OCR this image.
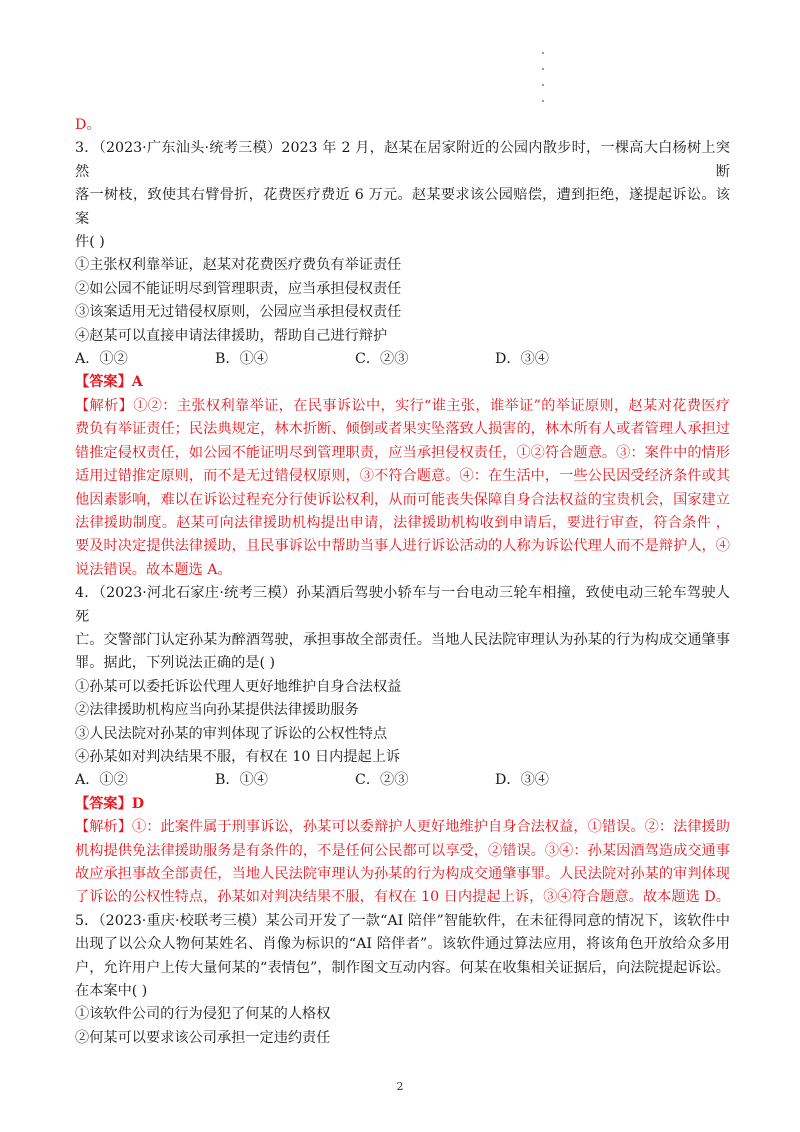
D。
3．（2023·广东汕头·统考三模）2023 年 2 月，赵某在居家附近的公园内散步时，一棵高大白杨树上突然断
落一树枝，致使其右臂骨折，花费医疗费近 6 万元。赵某要求该公园赔偿，遭到拒绝，遂提起诉讼。该案
件( )
①主张权利靠举证，赵某对花费医疗费负有举证责任
②如公园不能证明尽到管理职责，应当承担侵权责任
③该案适用无过错侵权原则，公园应当承担侵权责任
④赵某可以直接申请法律援助，帮助自己进行辩护
A．①②	B．①④	C．②③	D．③④
【答案】A
【解析】①②：主张权利靠举证，在民事诉讼中，实行“谁主张，谁举证”的举证原则，赵某对花费医疗
费负有举证责任；民法典规定，林木折断、倾倒或者果实坠落致人损害的，林木所有人或者管理人承担过
错推定侵权责任，如公园不能证明尽到管理职责，应当承担侵权责任，①②符合题意。③：案件中的情形
适用过错推定原则，而不是无过错侵权原则，③不符合题意。④：在生活中，一些公民因受经济条件或其
他因素影响，难以在诉讼过程充分行使诉讼权利，从而可能丧失保障自身合法权益的宝贵机会，国家建立
法律援助制度。赵某可向法律援助机构提出申请，法律援助机构收到申请后，要进行审查，符合条件 ，
要及时决定提供法律援助，且民事诉讼中帮助当事人进行诉讼活动的人称为诉讼代理人而不是辩护人，④
说法错误。故本题选 A。
4．（2023·河北石家庄·统考三模）孙某酒后驾驶小轿车与一台电动三轮车相撞，致使电动三轮车驾驶人死
亡。交警部门认定孙某为醉酒驾驶，承担事故全部责任。当地人民法院审理认为孙某的行为构成交通肇事
罪。据此，下列说法正确的是( )
①孙某可以委托诉讼代理人更好地维护自身合法权益
②法律援助机构应当向孙某提供法律援助服务
③人民法院对孙某的审判体现了诉讼的公权性特点
④孙某如对判决结果不服，有权在 10 日内提起上诉
A．①②	B．①④	C．②③	D．③④
【答案】D
【解析】①：此案件属于刑事诉讼，孙某可以委辩护人更好地维护自身合法权益，①错误。②：法律援助
机构提供免法律援助服务是有条件的，不是任何公民都可以享受，②错误。③④：孙某因酒驾造成交通事
故应承担事故全部责任，当地人民法院审理认为孙某的行为构成交通肇事罪。人民法院对孙某的审判体现
了诉讼的公权性特点，孙某如对判决结果不服，有权在 10 日内提起上诉，③④符合题意。故本题选 D。
5．（2023·重庆·校联考三模）某公司开发了一款“AI 陪伴”智能软件，在未征得同意的情况下，该软件中
出现了以公众人物何某姓名、肖像为标识的“AI 陪伴者”。该软件通过算法应用，将该角色开放给众多用
户，允许用户上传大量何某的“表情包”，制作图文互动内容。何某在收集相关证据后，向法院提起诉讼。
在本案中( )
①该软件公司的行为侵犯了何某的人格权
②何某可以要求该公司承担一定违约责任
2
